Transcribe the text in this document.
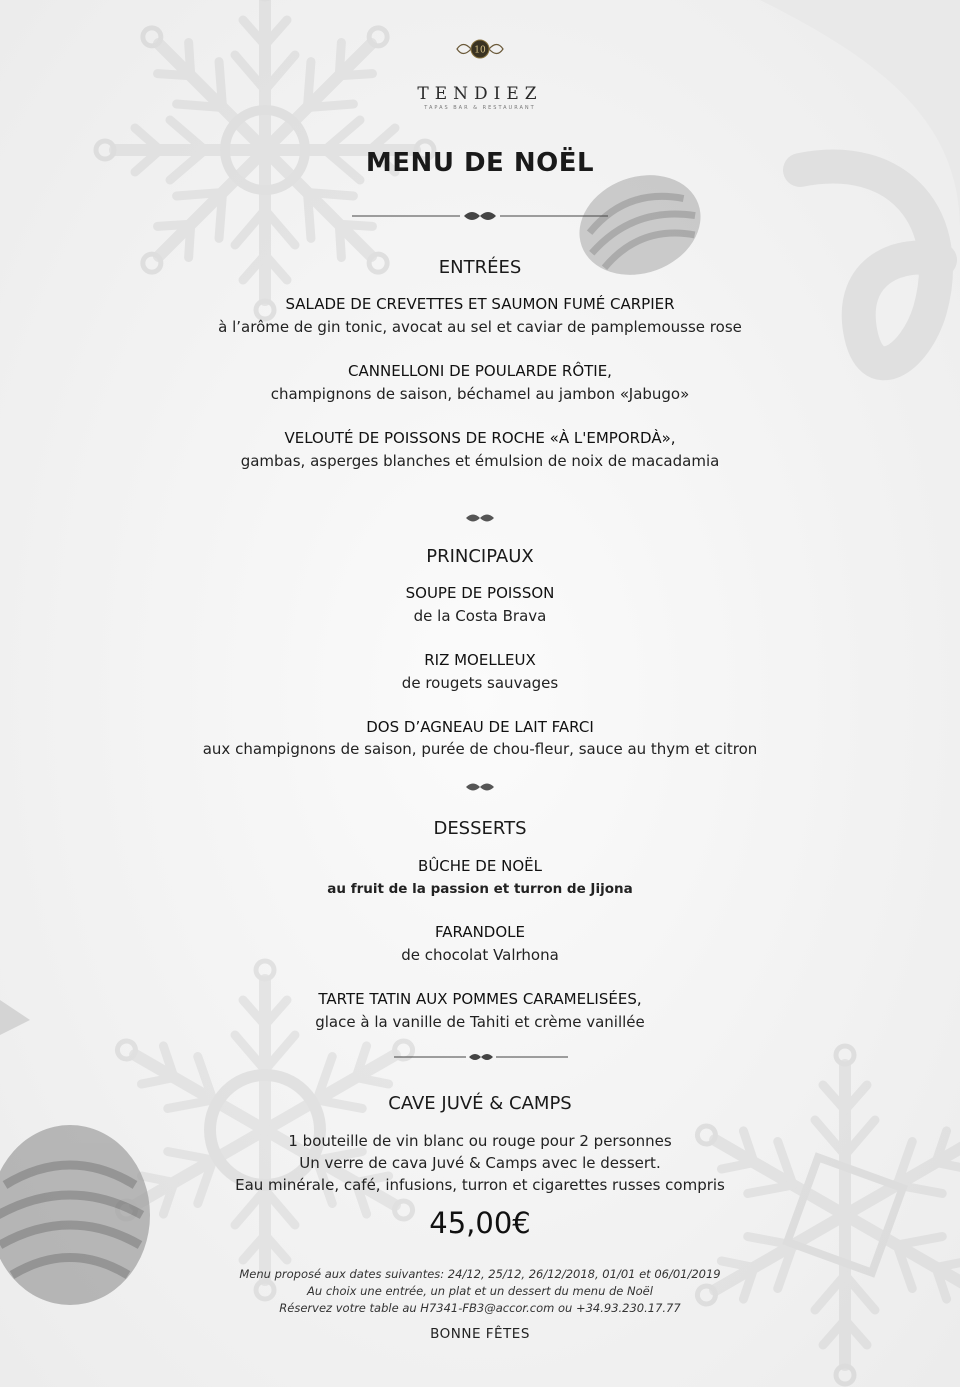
10
TENDIEZ
TAPAS BAR & RESTAURANT
MENU DE NOËL
ENTRÉES
SALADE DE CREVETTES ET SAUMON FUMÉ CARPIER
à l’arôme de gin tonic, avocat au sel et caviar de pamplemousse rose
CANNELLONI DE POULARDE RÔTIE,
champignons de saison, béchamel au jambon «Jabugo»
VELOUTÉ DE POISSONS DE ROCHE «À L'EMPORDÀ»,
gambas, asperges blanches et émulsion de noix de macadamia
PRINCIPAUX
SOUPE DE POISSON
de la Costa Brava
RIZ MOELLEUX
de rougets sauvages
DOS D’AGNEAU DE LAIT FARCI
aux champignons de saison, purée de chou-fleur, sauce au thym et citron
DESSERTS
BÛCHE DE NOËL
au fruit de la passion et turron de Jijona
FARANDOLE
de chocolat Valrhona
TARTE TATIN AUX POMMES CARAMELISÉES,
glace à la vanille de Tahiti et crème vanillée
CAVE JUVÉ & CAMPS
1 bouteille de vin blanc ou rouge pour 2 personnes
Un verre de cava Juvé & Camps avec le dessert.
Eau minérale, café, infusions, turron et cigarettes russes compris
45,00€
Menu proposé aux dates suivantes: 24/12, 25/12, 26/12/2018, 01/01 et 06/01/2019
Au choix une entrée, un plat et un dessert du menu de Noël
Réservez votre table au H7341-FB3@accor.com ou +34.93.230.17.77
BONNE FÊTES
